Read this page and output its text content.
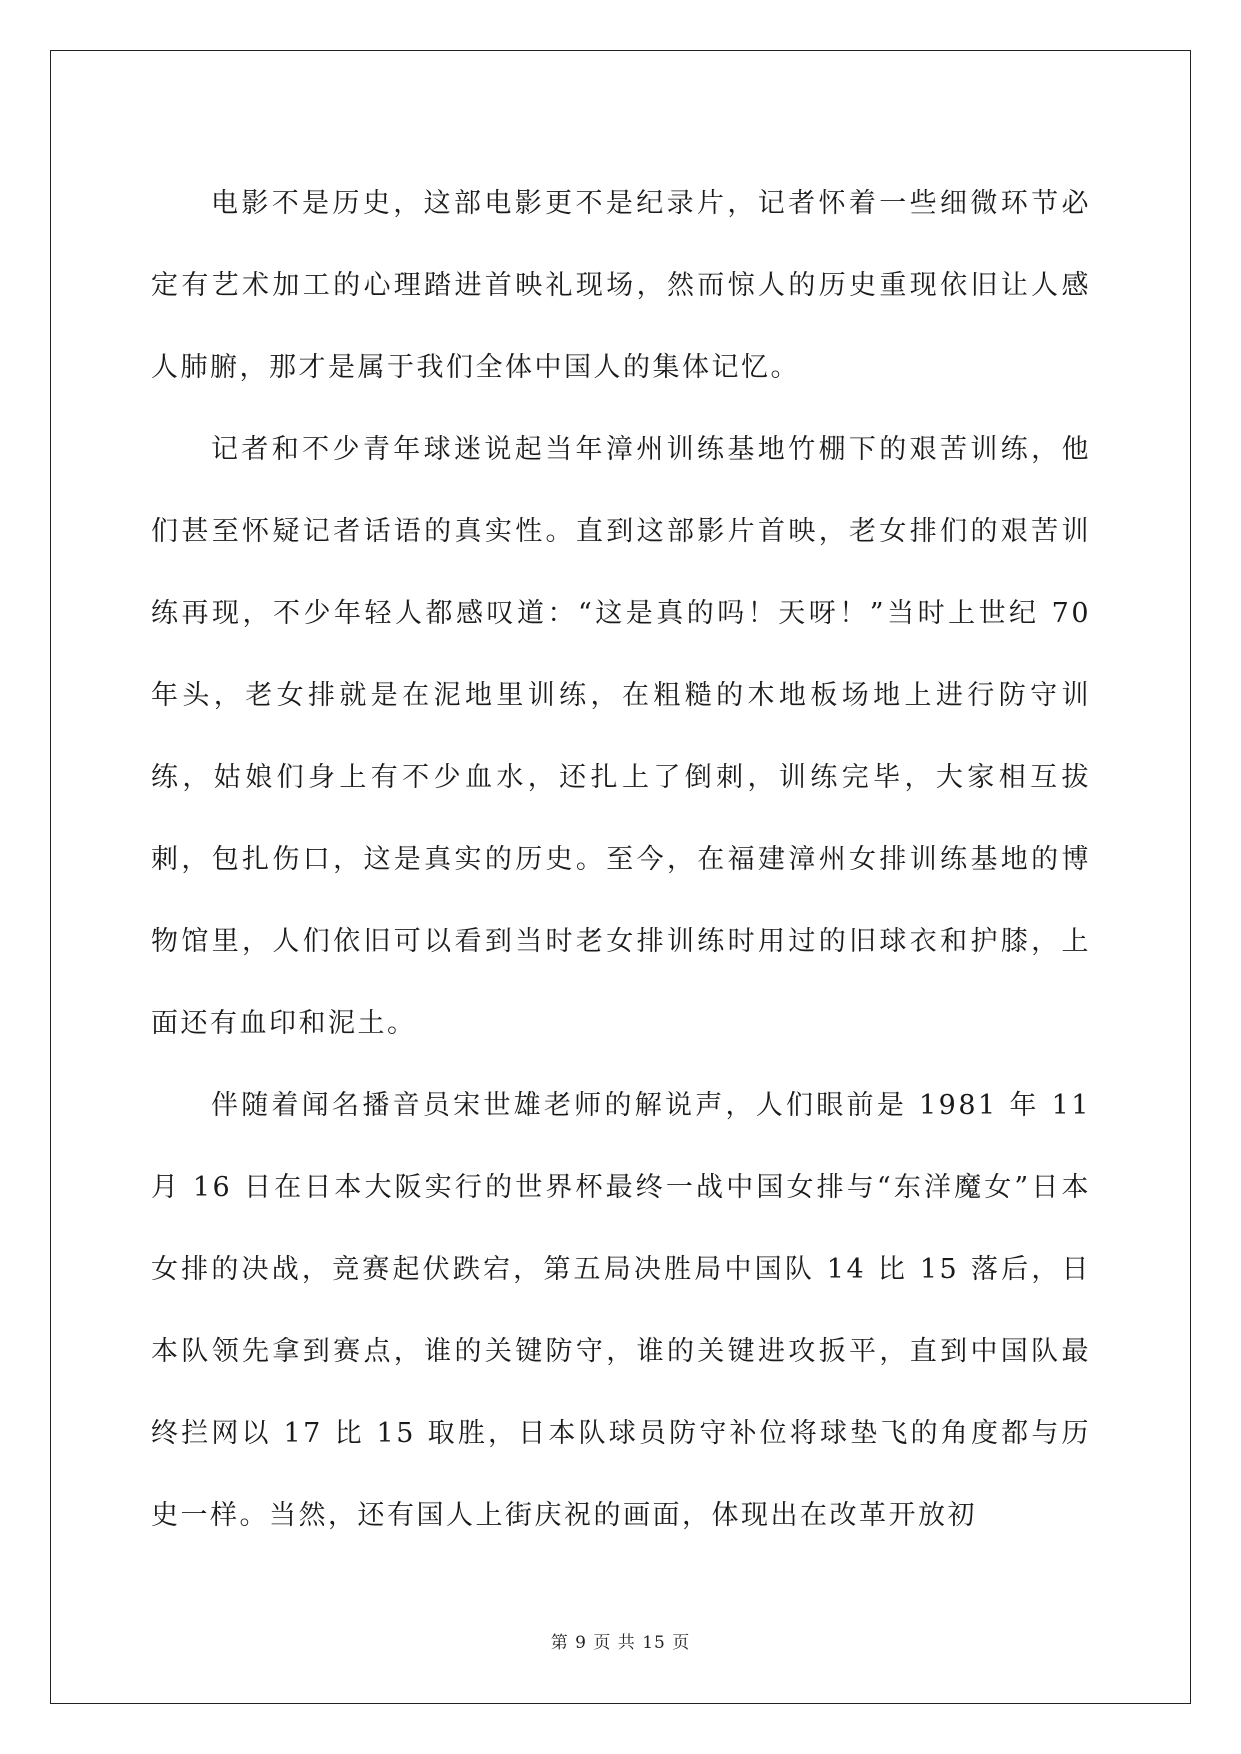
电影不是历史，这部电影更不是纪录片，记者怀着一些细微环节必定有艺术加工的心理踏进首映礼现场，然而惊人的历史重现依旧让人感人肺腑，那才是属于我们全体中国人的集体记忆。

记者和不少青年球迷说起当年漳州训练基地竹棚下的艰苦训练，他们甚至怀疑记者话语的真实性。直到这部影片首映，老女排们的艰苦训练再现，不少年轻人都感叹道：“这是真的吗！天呀！”当时上世纪 70 年头，老女排就是在泥地里训练，在粗糙的木地板场地上进行防守训练，姑娘们身上有不少血水，还扎上了倒刺，训练完毕，大家相互拔刺，包扎伤口，这是真实的历史。至今，在福建漳州女排训练基地的博物馆里，人们依旧可以看到当时老女排训练时用过的旧球衣和护膝，上面还有血印和泥土。

伴随着闻名播音员宋世雄老师的解说声，人们眼前是 1981 年 11 月 16 日在日本大阪实行的世界杯最终一战中国女排与“东洋魔女”日本女排的决战，竞赛起伏跌宕，第五局决胜局中国队 14 比 15 落后，日本队领先拿到赛点，谁的关键防守，谁的关键进攻扳平，直到中国队最终拦网以 17 比 15 取胜，日本队球员防守补位将球垫飞的角度都与历史一样。当然，还有国人上街庆祝的画面，体现出在改革开放初

第 9 页 共 15 页
